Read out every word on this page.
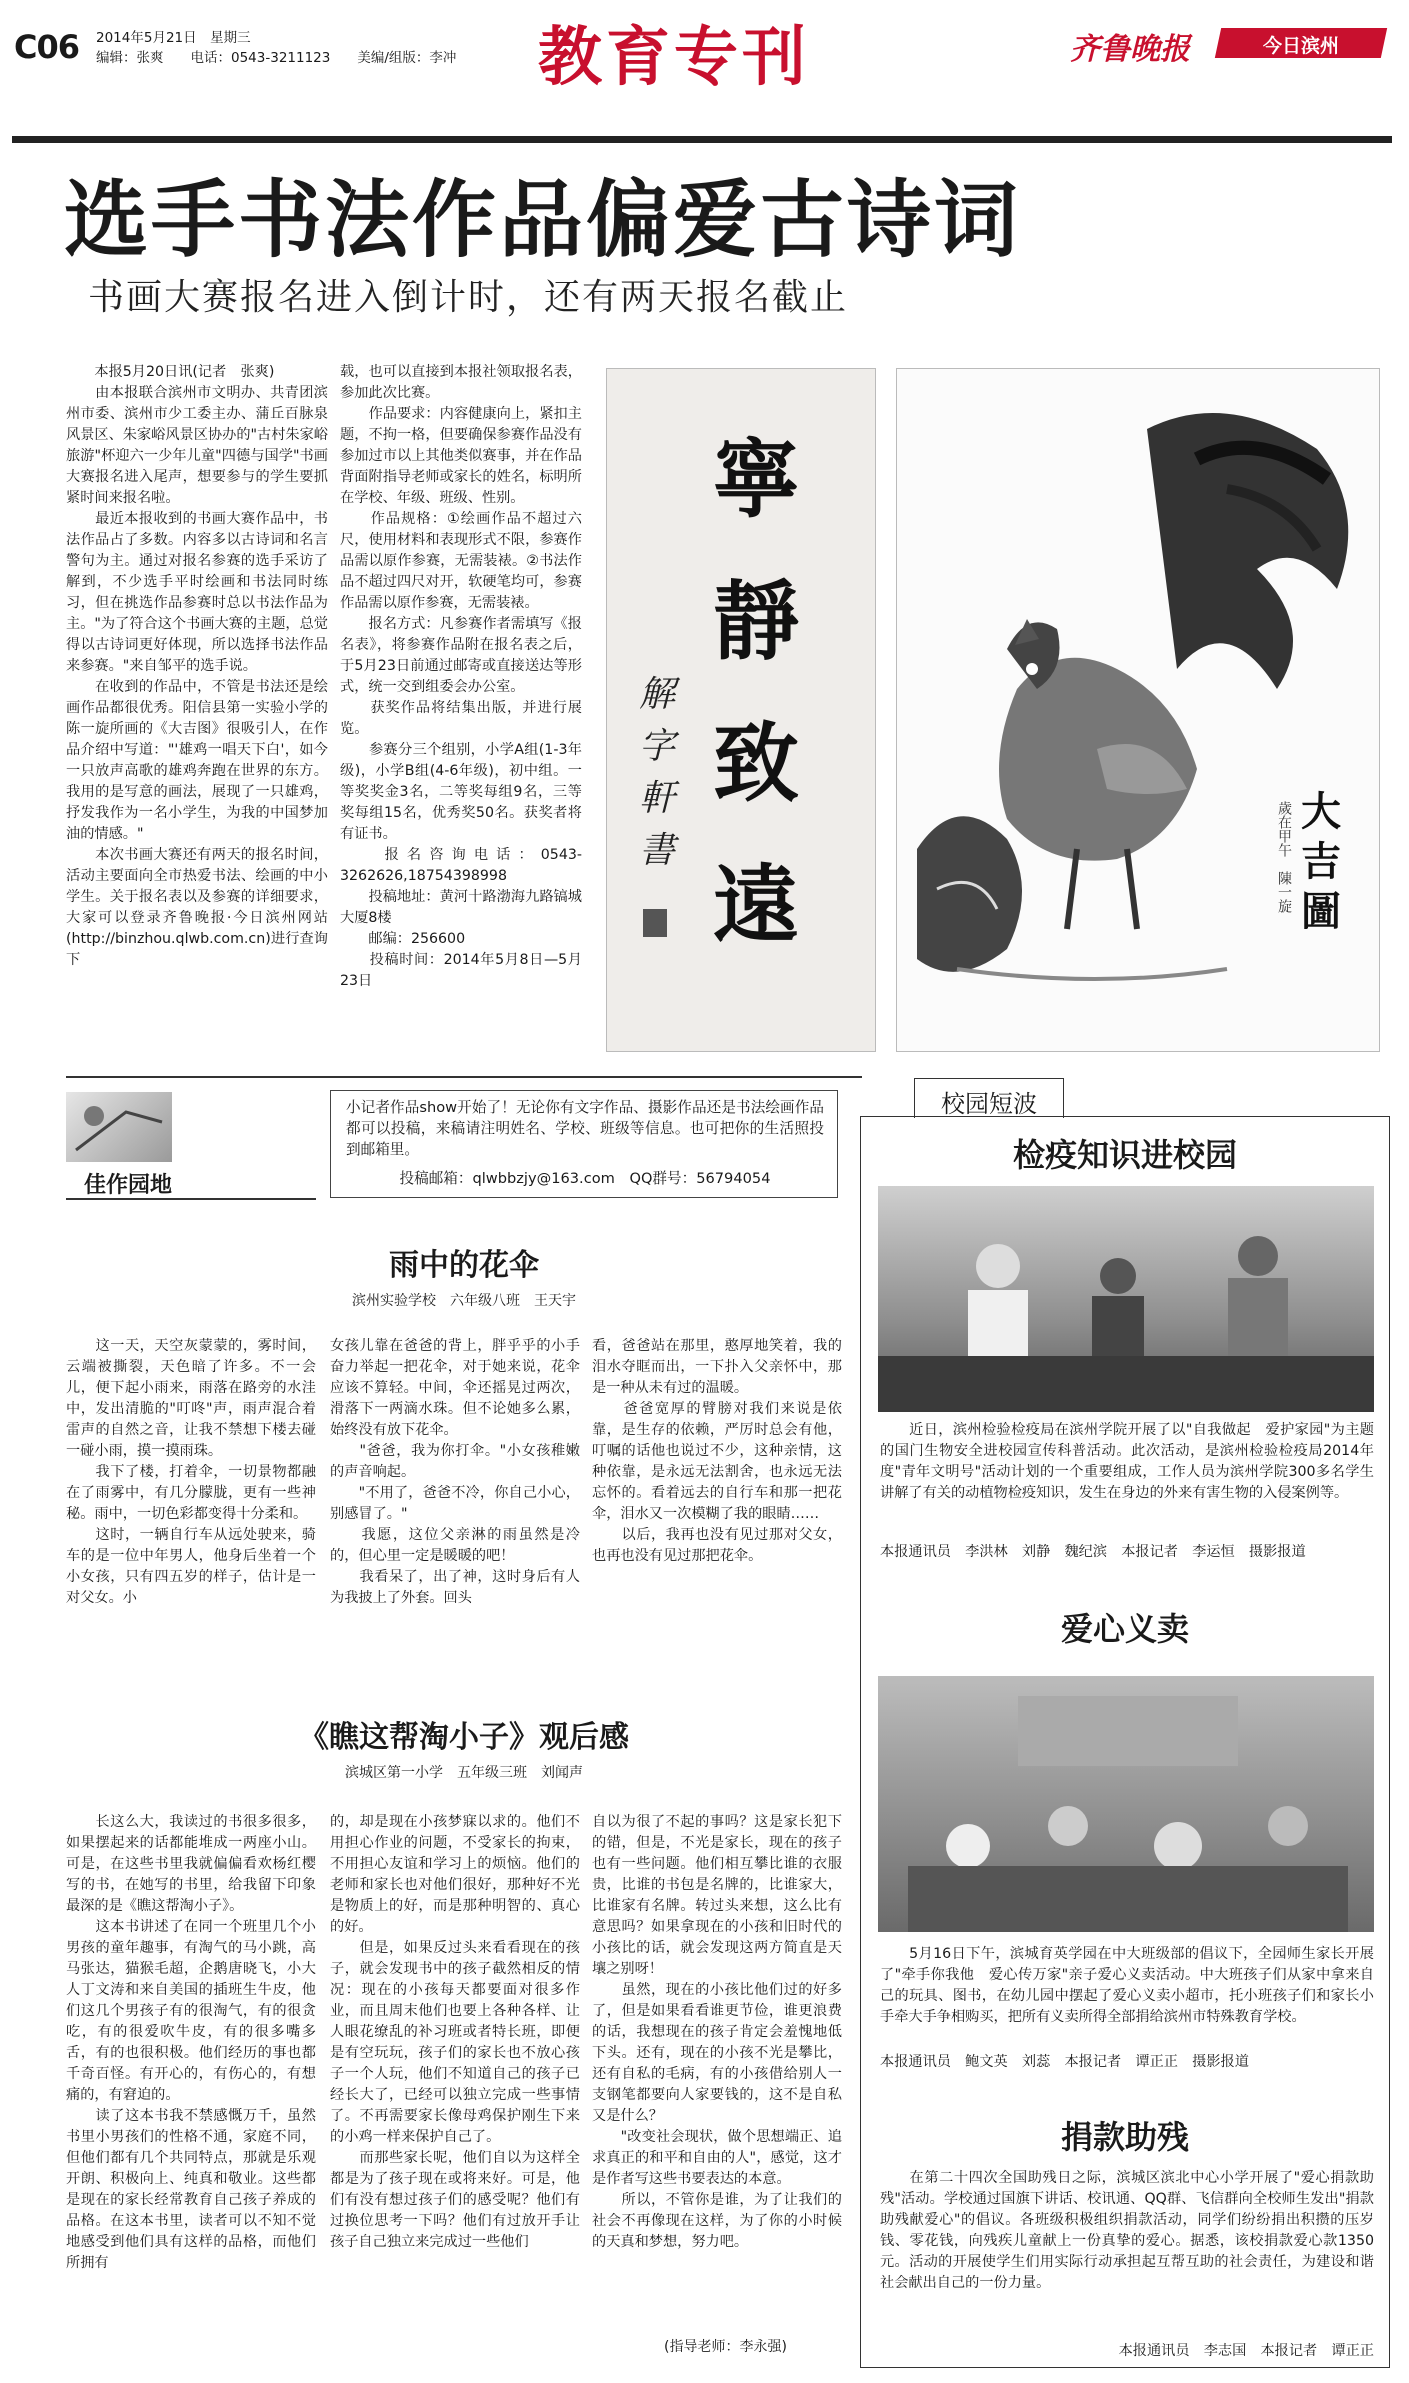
C06 2014年5月21日　星期三
编辑：张爽　　电话：0543-3211123　　美编/组版：李冲 教育专刊	齐鲁晚报	今日滨州
选手书法作品偏爱古诗词
书画大赛报名进入倒计时，还有两天报名截止
　　本报5月20日讯(记者　张爽)
　　由本报联合滨州市文明办、共青团滨州市委、滨州市少工委主办、蒲丘百脉泉风景区、朱家峪风景区协办的"古村朱家峪旅游"杯迎六一少年儿童"四德与国学"书画大赛报名进入尾声，想要参与的学生要抓紧时间来报名啦。
　　最近本报收到的书画大赛作品中，书法作品占了多数。内容多以古诗词和名言警句为主。通过对报名参赛的选手采访了解到，不少选手平时绘画和书法同时练习，但在挑选作品参赛时总以书法作品为主。"为了符合这个书画大赛的主题，总觉得以古诗词更好体现，所以选择书法作品来参赛。"来自邹平的选手说。
　　在收到的作品中，不管是书法还是绘画作品都很优秀。阳信县第一实验小学的陈一旋所画的《大吉图》很吸引人，在作品介绍中写道："'雄鸡一唱天下白'，如今一只放声高歌的雄鸡奔跑在世界的东方。我用的是写意的画法，展现了一只雄鸡，抒发我作为一名小学生，为我的中国梦加油的情感。"
　　本次书画大赛还有两天的报名时间，活动主要面向全市热爱书法、绘画的中小学生。关于报名表以及参赛的详细要求，大家可以登录齐鲁晚报·今日滨州网站(http://binzhou.qlwb.com.cn)进行查询下
载，也可以直接到本报社领取报名表，参加此次比赛。
　　作品要求：内容健康向上，紧扣主题，不拘一格，但要确保参赛作品没有参加过市以上其他类似赛事，并在作品背面附指导老师或家长的姓名，标明所在学校、年级、班级、性别。
　　作品规格：①绘画作品不超过六尺，使用材料和表现形式不限，参赛作品需以原作参赛，无需装裱。②书法作品不超过四尺对开，软硬笔均可，参赛作品需以原作参赛，无需装裱。
　　报名方式：凡参赛作者需填写《报名表》，将参赛作品附在报名表之后，于5月23日前通过邮寄或直接送达等形式，统一交到组委会办公室。
　　获奖作品将结集出版，并进行展览。
　　参赛分三个组别，小学A组(1-3年级)，小学B组(4-6年级)，初中组。一等奖奖金3名，二等奖每组9名，三等奖每组15名，优秀奖50名。获奖者将有证书。
　　报名咨询电话：0543-3262626,18754398998
　　投稿地址：黄河十路渤海九路镐城大厦8楼
　　邮编：256600
　　投稿时间：2014年5月8日—5月23日
寧靜致遠
解字軒書
大吉圖
歲在甲午　陳一旋
佳作园地
小记者作品show开始了！无论你有文字作品、摄影作品还是书法绘画作品都可以投稿，来稿请注明姓名、学校、班级等信息。也可把你的生活照投到邮箱里。
投稿邮箱：qlwbbzjy@163.com　QQ群号：56794054
雨中的花伞
滨州实验学校　六年级八班　王天宇
　　这一天，天空灰蒙蒙的，雾时间，云端被撕裂，天色暗了许多。不一会儿，便下起小雨来，雨落在路旁的水洼中，发出清脆的"叮咚"声，雨声混合着雷声的自然之音，让我不禁想下楼去碰一碰小雨，摸一摸雨珠。
　　我下了楼，打着伞，一切景物都融在了雨雾中，有几分朦胧，更有一些神秘。雨中，一切色彩都变得十分柔和。
　　这时，一辆自行车从远处驶来，骑车的是一位中年男人，他身后坐着一个小女孩，只有四五岁的样子，估计是一对父女。小
女孩儿靠在爸爸的背上，胖乎乎的小手奋力举起一把花伞，对于她来说，花伞应该不算轻。中间，伞还摇晃过两次，滑落下一两滴水珠。但不论她多么累，始终没有放下花伞。
　　"爸爸，我为你打伞。"小女孩稚嫩的声音响起。
　　"不用了，爸爸不冷，你自己小心，别感冒了。"
　　我愿，这位父亲淋的雨虽然是冷的，但心里一定是暖暖的吧！
　　我看呆了，出了神，这时身后有人为我披上了外套。回头
看，爸爸站在那里，憨厚地笑着，我的泪水夺眶而出，一下扑入父亲怀中，那是一种从未有过的温暖。
　　爸爸宽厚的臂膀对我们来说是依靠，是生存的依赖，严厉时总会有他，叮嘱的话他也说过不少，这种亲情，这种依靠，是永远无法割舍，也永远无法忘怀的。看着远去的自行车和那一把花伞，泪水又一次模糊了我的眼睛……
　　以后，我再也没有见过那对父女，也再也没有见过那把花伞。
《瞧这帮淘小子》观后感
滨城区第一小学　五年级三班　刘闻声
　　长这么大，我读过的书很多很多，如果摆起来的话都能堆成一两座小山。可是，在这些书里我就偏偏看欢杨红樱写的书，在她写的书里，给我留下印象最深的是《瞧这帮淘小子》。
　　这本书讲述了在同一个班里几个小男孩的童年趣事，有淘气的马小跳，高马张达，猫猴毛超，企鹅唐晓飞，小大人丁文涛和来自美国的插班生牛皮，他们这几个男孩子有的很淘气，有的很贪吃，有的很爱吹牛皮，有的很多嘴多舌，有的也很积极。他们经历的事也都千奇百怪。有开心的，有伤心的，有想痛的，有窘迫的。
　　读了这本书我不禁感慨万千，虽然书里小男孩们的性格不通，家庭不同，但他们都有几个共同特点，那就是乐观开朗、积极向上、纯真和敬业。这些都是现在的家长经常教育自己孩子养成的品格。在这本书里，读者可以不知不觉地感受到他们具有这样的品格，而他们所拥有
的，却是现在小孩梦寐以求的。他们不用担心作业的问题，不受家长的拘束，不用担心友谊和学习上的烦恼。他们的老师和家长也对他们很好，那种好不光是物质上的好，而是那种明智的、真心的好。
　　但是，如果反过头来看看现在的孩子，就会发现书中的孩子截然相反的情况：现在的小孩每天都要面对很多作业，而且周末他们也要上各种各样、让人眼花缭乱的补习班或者特长班，即便是有空玩玩，孩子们的家长也不放心孩子一个人玩，他们不知道自己的孩子已经长大了，已经可以独立完成一些事情了。不再需要家长像母鸡保护刚生下来的小鸡一样来保护自己了。
　　而那些家长呢，他们自以为这样全都是为了孩子现在或将来好。可是，他们有没有想过孩子们的感受呢？他们有过换位思考一下吗？他们有过放开手让孩子自己独立来完成过一些他们
自以为很了不起的事吗？这是家长犯下的错，但是，不光是家长，现在的孩子也有一些问题。他们相互攀比谁的衣服贵，比谁的书包是名牌的，比谁家大，比谁家有名牌。转过头来想，这么比有意思吗？如果拿现在的小孩和旧时代的小孩比的话，就会发现这两方简直是天壤之别呀！
　　虽然，现在的小孩比他们过的好多了，但是如果看看谁更节俭，谁更浪费的话，我想现在的孩子肯定会羞愧地低下头。还有，现在的小孩不光是攀比，还有自私的毛病，有的小孩借给别人一支钢笔都要向人家要钱的，这不是自私又是什么？
　　"改变社会现状，做个思想端正、追求真正的和平和自由的人"，感觉，这才是作者写这些书要表达的本意。
　　所以，不管你是谁，为了让我们的社会不再像现在这样，为了你的小时候的天真和梦想，努力吧。
(指导老师：李永强)
校园短波
检疫知识进校园
　　近日，滨州检验检疫局在滨州学院开展了以"自我做起　爱护家园"为主题的国门生物安全进校园宣传科普活动。此次活动，是滨州检验检疫局2014年度"青年文明号"活动计划的一个重要组成，工作人员为滨州学院300多名学生讲解了有关的动植物检疫知识，发生在身边的外来有害生物的入侵案例等。
本报通讯员　李洪林　刘静　魏纪滨　本报记者　李运恒　摄影报道
爱心义卖
　　5月16日下午，滨城育英学园在中大班级部的倡议下，全园师生家长开展了"牵手你我他　爱心传万家"亲子爱心义卖活动。中大班孩子们从家中拿来自己的玩具、图书，在幼儿园中摆起了爱心义卖小超市，托小班孩子们和家长小手牵大手争相购买，把所有义卖所得全部捐给滨州市特殊教育学校。
本报通讯员　鲍文英　刘蕊　本报记者　谭正正　摄影报道
捐款助残
　　在第二十四次全国助残日之际，滨城区滨北中心小学开展了"爱心捐款助残"活动。学校通过国旗下讲话、校讯通、QQ群、飞信群向全校师生发出"捐款助残献爱心"的倡议。各班级积极组织捐款活动，同学们纷纷捐出积攒的压岁钱、零花钱，向残疾儿童献上一份真挚的爱心。据悉，该校捐款爱心款1350元。活动的开展使学生们用实际行动承担起互帮互助的社会责任，为建设和谐社会献出自己的一份力量。
本报通讯员　李志国　本报记者　谭正正
